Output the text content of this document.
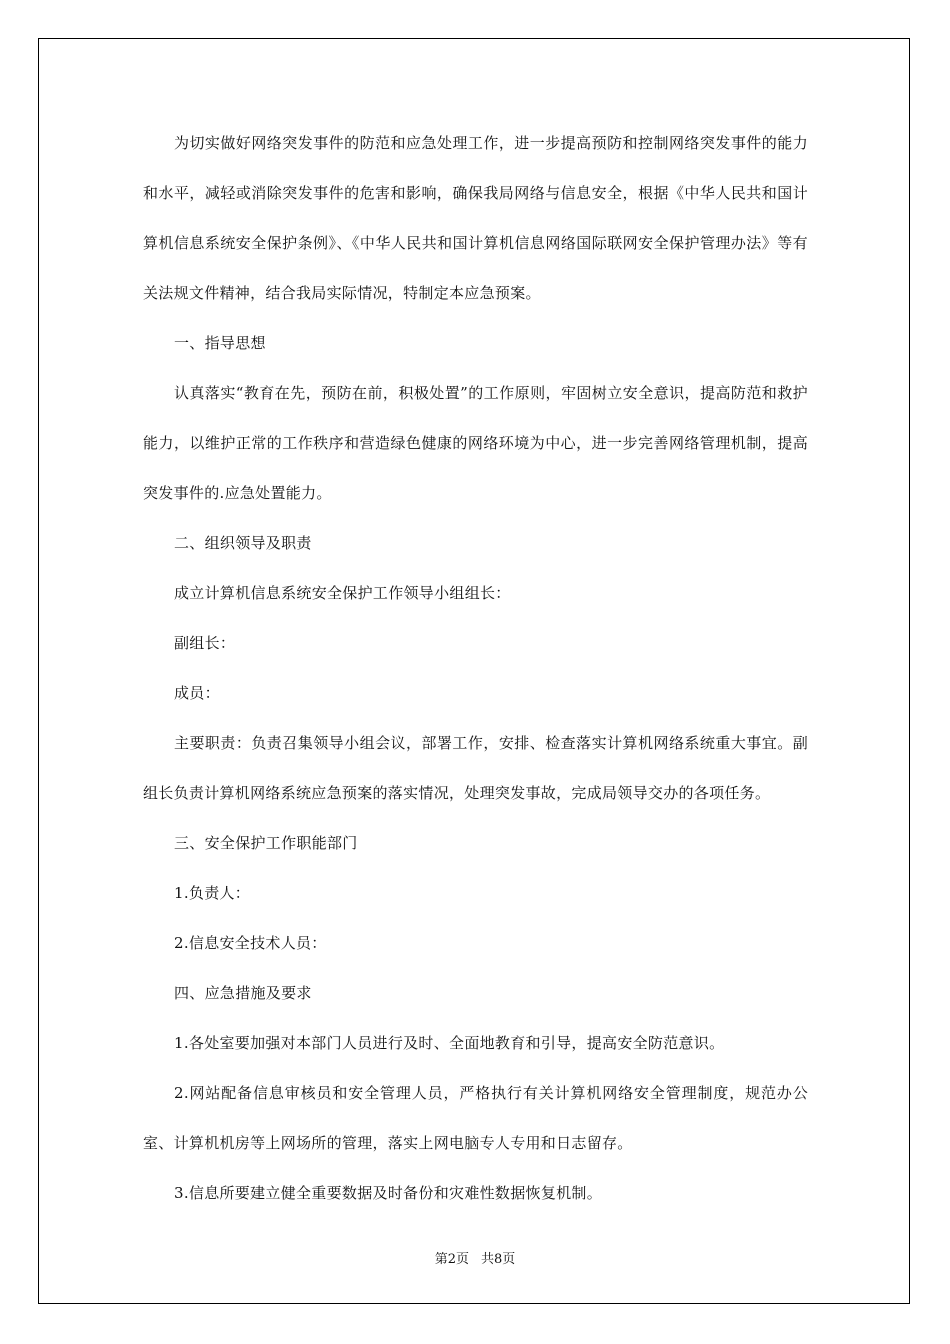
为切实做好网络突发事件的防范和应急处理工作，进一步提高预防和控制网络突发事件的能力和水平，减轻或消除突发事件的危害和影响，确保我局网络与信息安全，根据《中华人民共和国计算机信息系统安全保护条例》、《中华人民共和国计算机信息网络国际联网安全保护管理办法》等有关法规文件精神，结合我局实际情况，特制定本应急预案。

一、指导思想

认真落实“教育在先，预防在前，积极处置”的工作原则，牢固树立安全意识，提高防范和救护能力，以维护正常的工作秩序和营造绿色健康的网络环境为中心，进一步完善网络管理机制，提高突发事件的.应急处置能力。

二、组织领导及职责

成立计算机信息系统安全保护工作领导小组组长：

副组长：

成员：

主要职责：负责召集领导小组会议，部署工作，安排、检查落实计算机网络系统重大事宜。副组长负责计算机网络系统应急预案的落实情况，处理突发事故，完成局领导交办的各项任务。

三、安全保护工作职能部门

1.负责人：

2.信息安全技术人员：

四、应急措施及要求

1.各处室要加强对本部门人员进行及时、全面地教育和引导，提高安全防范意识。

2.网站配备信息审核员和安全管理人员，严格执行有关计算机网络安全管理制度，规范办公室、计算机机房等上网场所的管理，落实上网电脑专人专用和日志留存。

3.信息所要建立健全重要数据及时备份和灾难性数据恢复机制。

第2页 共8页
